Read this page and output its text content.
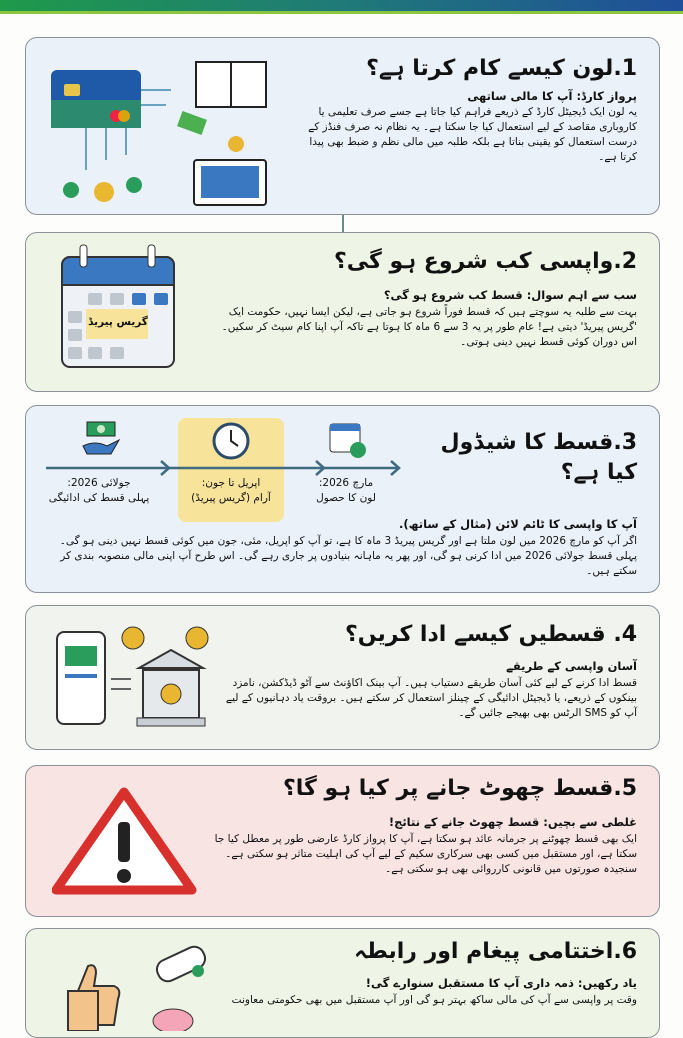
1.لون کیسے کام کرتا ہے؟
پرواز کارڈ: آپ کا مالی ساتھی
یہ لون ایک ڈیجیٹل کارڈ کے ذریعے فراہم کیا جاتا ہے جسے صرف تعلیمی یا کاروباری مقاصد کے لیے استعمال کیا جا سکتا ہے۔ یہ نظام نہ صرف فنڈز کے درست استعمال کو یقینی بناتا ہے بلکہ طلبہ میں مالی نظم و ضبط بھی پیدا کرتا ہے۔
گریس پیریڈ
2.واپسی کب شروع ہو گی؟
سب سے اہم سوال: قسط کب شروع ہو گی؟
بہت سے طلبہ یہ سوچتے ہیں کہ قسط فوراً شروع ہو جاتی ہے، لیکن ایسا نہیں، حکومت ایک 'گریس پیریڈ' دیتی ہے! عام طور پر یہ 3 سے 6 ماہ کا ہوتا ہے تاکہ آپ اپنا کام سیٹ کر سکیں۔ اس دوران کوئی قسط نہیں دینی ہوتی۔
جولائی 2026:
پہلی قسط کی ادائیگی
اپریل تا جون:
آرام (گریس پیریڈ)
مارچ 2026:
لون کا حصول
3.قسط کا شیڈول کیا ہے؟
آپ کا واپسی کا ٹائم لائن (مثال کے ساتھ).
اگر آپ کو مارچ 2026 میں لون ملتا ہے اور گریس پیریڈ 3 ماہ کا ہے، تو آپ کو اپریل، مئی، جون میں کوئی قسط نہیں دینی ہو گی۔ پہلی قسط جولائی 2026 میں ادا کرنی ہو گی، اور پھر یہ ماہانہ بنیادوں پر جاری رہے گی۔ اس طرح آپ اپنی مالی منصوبہ بندی کر سکتے ہیں۔
4. قسطیں کیسے ادا کریں؟
آسان واپسی کے طریقے
قسط ادا کرنے کے لیے کئی آسان طریقے دستیاب ہیں۔ آپ بینک اکاؤنٹ سے آٹو ڈیڈکشن، نامزد بینکوں کے ذریعے، یا ڈیجیٹل ادائیگی کے چینلز استعمال کر سکتے ہیں۔ بروقت یاد دہانیوں کے لیے آپ کو SMS الرٹس بھی بھیجے جائیں گے۔
5.قسط چھوٹ جانے پر کیا ہو گا؟
غلطی سے بچیں: قسط چھوٹ جانے کے نتائج!
ایک بھی قسط چھوٹنے پر جرمانہ عائد ہو سکتا ہے، آپ کا پرواز کارڈ عارضی طور پر معطل کیا جا سکتا ہے، اور مستقبل میں کسی بھی سرکاری سکیم کے لیے آپ کی اہلیت متاثر ہو سکتی ہے۔ سنجیدہ صورتوں میں قانونی کارروائی بھی ہو سکتی ہے۔
6.اختتامی پیغام اور رابطہ
یاد رکھیں: ذمہ داری آپ کا مستقبل سنوارے گی!
وقت پر واپسی سے آپ کی مالی ساکھ بہتر ہو گی اور آپ مستقبل میں بھی حکومتی معاونت
